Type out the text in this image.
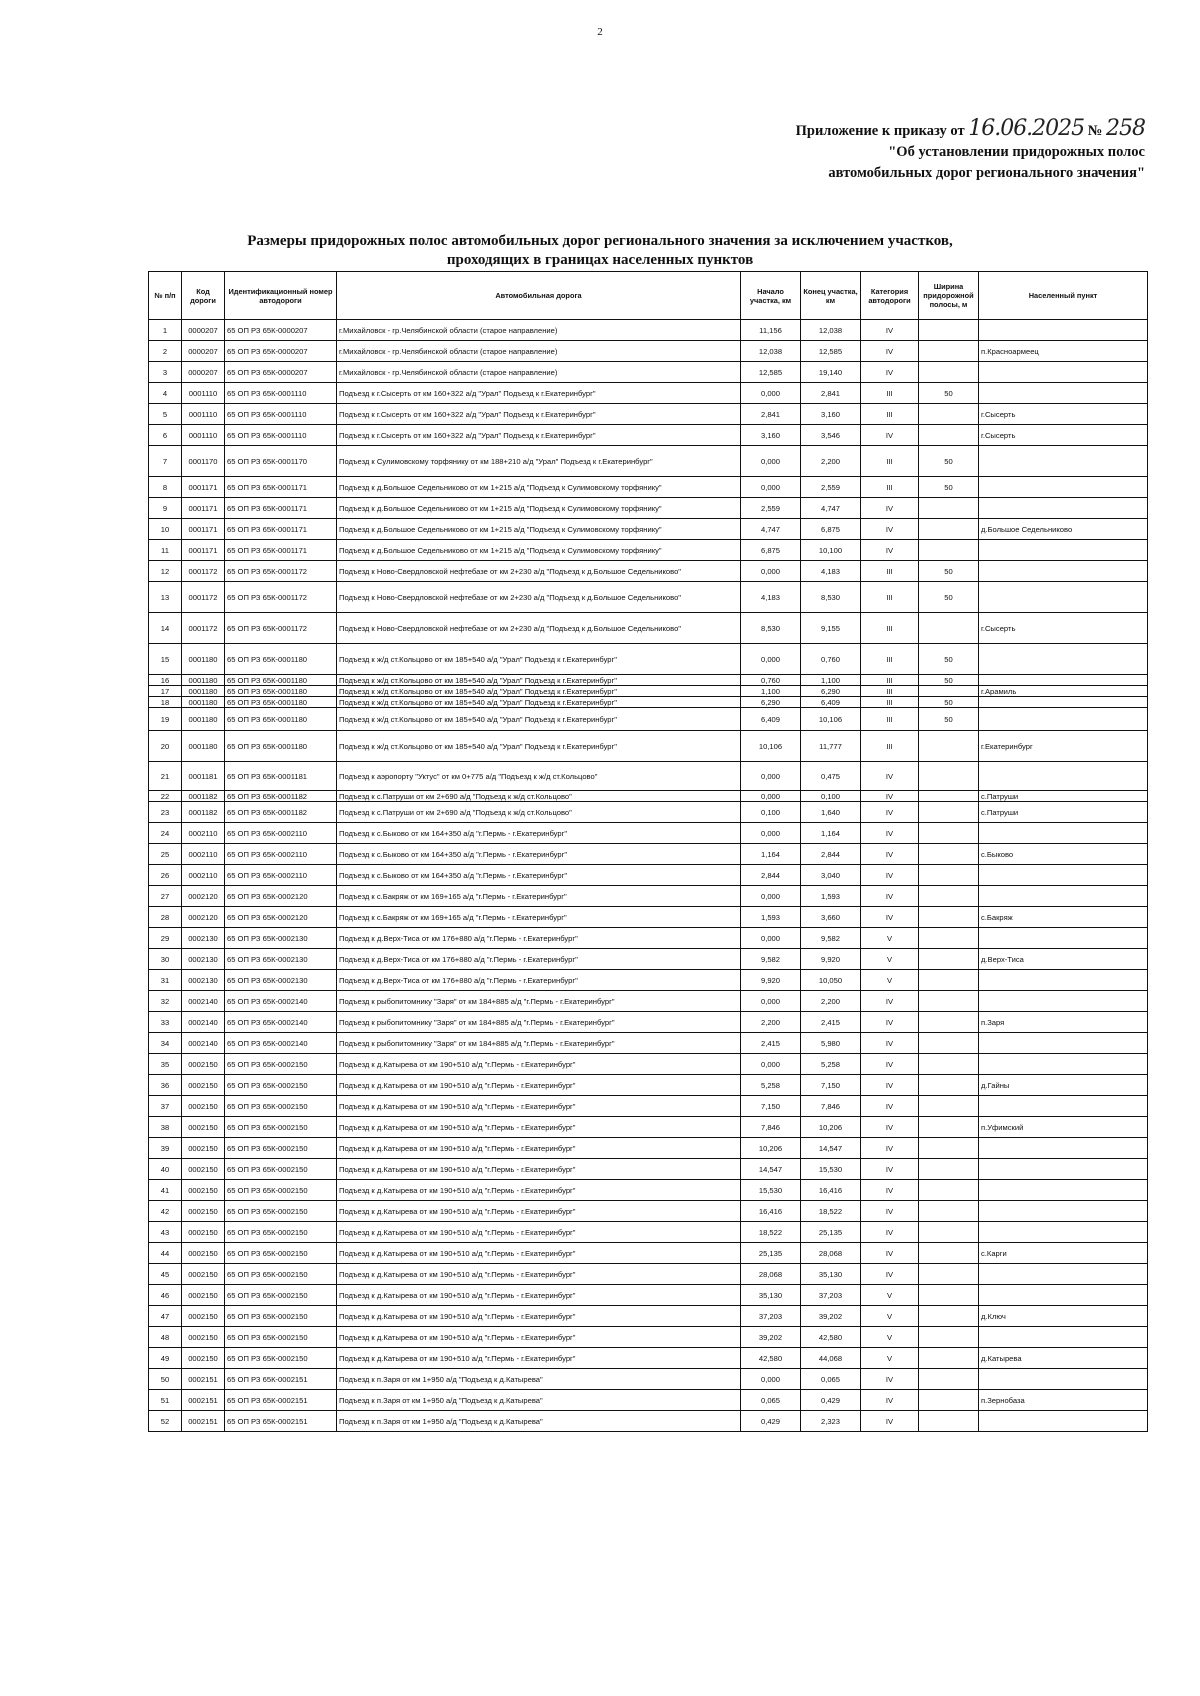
2
Приложение к приказу от 16.06.2025 № 258
"Об установлении придорожных полос
автомобильных дорог регионального значения"
Размеры придорожных полос автомобильных дорог регионального значения за исключением участков,
проходящих в границах населенных пунктов
№ п/п	Код дороги	Идентификационный номер автодороги	Автомобильная дорога	Начало участка, км	Конец участка, км	Категория автодороги	Ширина придорожной полосы, м	Населенный пункт
1	0000207	65 ОП РЗ 65К-0000207	г.Михайловск - гр.Челябинской области (старое направление)	11,156	12,038	IV		
2	0000207	65 ОП РЗ 65К-0000207	г.Михайловск - гр.Челябинской области (старое направление)	12,038	12,585	IV		п.Красноармеец
3	0000207	65 ОП РЗ 65К-0000207	г.Михайловск - гр.Челябинской области (старое направление)	12,585	19,140	IV		
4	0001110	65 ОП РЗ 65К-0001110	Подъезд к г.Сысерть от км 160+322 а/д "Урал" Подъезд к г.Екатеринбург"	0,000	2,841	III	50	
5	0001110	65 ОП РЗ 65К-0001110	Подъезд к г.Сысерть от км 160+322 а/д "Урал" Подъезд к г.Екатеринбург"	2,841	3,160	III		г.Сысерть
6	0001110	65 ОП РЗ 65К-0001110	Подъезд к г.Сысерть от км 160+322 а/д "Урал" Подъезд к г.Екатеринбург"	3,160	3,546	IV		г.Сысерть
7	0001170	65 ОП РЗ 65К-0001170	Подъезд к Сулимовскому торфянику от км 188+210 а/д "Урал" Подъезд к г.Екатеринбург"	0,000	2,200	III	50	
8	0001171	65 ОП РЗ 65К-0001171	Подъезд к д.Большое Седельниково от км 1+215 а/д "Подъезд к Сулимовскому торфянику"	0,000	2,559	III	50	
9	0001171	65 ОП РЗ 65К-0001171	Подъезд к д.Большое Седельниково от км 1+215 а/д "Подъезд к Сулимовскому торфянику"	2,559	4,747	IV		
10	0001171	65 ОП РЗ 65К-0001171	Подъезд к д.Большое Седельниково от км 1+215 а/д "Подъезд к Сулимовскому торфянику"	4,747	6,875	IV		д.Большое Седельниково
11	0001171	65 ОП РЗ 65К-0001171	Подъезд к д.Большое Седельниково от км 1+215 а/д "Подъезд к Сулимовскому торфянику"	6,875	10,100	IV		
12	0001172	65 ОП РЗ 65К-0001172	Подъезд к Ново-Свердловской нефтебазе от км 2+230 а/д "Подъезд к д.Большое Седельниково"	0,000	4,183	III	50	
13	0001172	65 ОП РЗ 65К-0001172	Подъезд к Ново-Свердловской нефтебазе от км 2+230 а/д "Подъезд к д.Большое Седельниково"	4,183	8,530	III	50	
14	0001172	65 ОП РЗ 65К-0001172	Подъезд к Ново-Свердловской нефтебазе от км 2+230 а/д "Подъезд к д.Большое Седельниково"	8,530	9,155	III		г.Сысерть
15	0001180	65 ОП РЗ 65К-0001180	Подъезд к ж/д ст.Кольцово от км 185+540 а/д "Урал" Подъезд к г.Екатеринбург"	0,000	0,760	III	50	
16	0001180	65 ОП РЗ 65К-0001180	Подъезд к ж/д ст.Кольцово от км 185+540 а/д "Урал" Подъезд к г.Екатеринбург"	0,760	1,100	III	50	
17	0001180	65 ОП РЗ 65К-0001180	Подъезд к ж/д ст.Кольцово от км 185+540 а/д "Урал" Подъезд к г.Екатеринбург"	1,100	6,290	III		г.Арамиль
18	0001180	65 ОП РЗ 65К-0001180	Подъезд к ж/д ст.Кольцово от км 185+540 а/д "Урал" Подъезд к г.Екатеринбург"	6,290	6,409	III	50	
19	0001180	65 ОП РЗ 65К-0001180	Подъезд к ж/д ст.Кольцово от км 185+540 а/д "Урал" Подъезд к г.Екатеринбург"	6,409	10,106	III	50	
20	0001180	65 ОП РЗ 65К-0001180	Подъезд к ж/д ст.Кольцово от км 185+540 а/д "Урал" Подъезд к г.Екатеринбург"	10,106	11,777	III		г.Екатеринбург
21	0001181	65 ОП РЗ 65К-0001181	Подъезд к аэропорту "Уктус" от км 0+775 а/д "Подъезд к ж/д ст.Кольцово"	0,000	0,475	IV		
22	0001182	65 ОП РЗ 65К-0001182	Подъезд к с.Патруши от км 2+690 а/д "Подъезд к ж/д ст.Кольцово"	0,000	0,100	IV		с.Патруши
23	0001182	65 ОП РЗ 65К-0001182	Подъезд к с.Патруши от км 2+690 а/д "Подъезд к ж/д ст.Кольцово"	0,100	1,640	IV		с.Патруши
24	0002110	65 ОП РЗ 65К-0002110	Подъезд к с.Быково от км 164+350 а/д "г.Пермь - г.Екатеринбург"	0,000	1,164	IV		
25	0002110	65 ОП РЗ 65К-0002110	Подъезд к с.Быково от км 164+350 а/д "г.Пермь - г.Екатеринбург"	1,164	2,844	IV		с.Быково
26	0002110	65 ОП РЗ 65К-0002110	Подъезд к с.Быково от км 164+350 а/д "г.Пермь - г.Екатеринбург"	2,844	3,040	IV		
27	0002120	65 ОП РЗ 65К-0002120	Подъезд к с.Бакряж от км 169+165 а/д "г.Пермь - г.Екатеринбург"	0,000	1,593	IV		
28	0002120	65 ОП РЗ 65К-0002120	Подъезд к с.Бакряж от км 169+165 а/д "г.Пермь - г.Екатеринбург"	1,593	3,660	IV		с.Бакряж
29	0002130	65 ОП РЗ 65К-0002130	Подъезд к д.Верх-Тиса от км 176+880 а/д "г.Пермь - г.Екатеринбург"	0,000	9,582	V		
30	0002130	65 ОП РЗ 65К-0002130	Подъезд к д.Верх-Тиса от км 176+880 а/д "г.Пермь - г.Екатеринбург"	9,582	9,920	V		д.Верх-Тиса
31	0002130	65 ОП РЗ 65К-0002130	Подъезд к д.Верх-Тиса от км 176+880 а/д "г.Пермь - г.Екатеринбург"	9,920	10,050	V		
32	0002140	65 ОП РЗ 65К-0002140	Подъезд к рыбопитомнику "Заря" от км 184+885 а/д "г.Пермь - г.Екатеринбург"	0,000	2,200	IV		
33	0002140	65 ОП РЗ 65К-0002140	Подъезд к рыбопитомнику "Заря" от км 184+885 а/д "г.Пермь - г.Екатеринбург"	2,200	2,415	IV		п.Заря
34	0002140	65 ОП РЗ 65К-0002140	Подъезд к рыбопитомнику "Заря" от км 184+885 а/д "г.Пермь - г.Екатеринбург"	2,415	5,980	IV		
35	0002150	65 ОП РЗ 65К-0002150	Подъезд к д.Катырева от км 190+510 а/д "г.Пермь - г.Екатеринбург"	0,000	5,258	IV		
36	0002150	65 ОП РЗ 65К-0002150	Подъезд к д.Катырева от км 190+510 а/д "г.Пермь - г.Екатеринбург"	5,258	7,150	IV		д.Гайны
37	0002150	65 ОП РЗ 65К-0002150	Подъезд к д.Катырева от км 190+510 а/д "г.Пермь - г.Екатеринбург"	7,150	7,846	IV		
38	0002150	65 ОП РЗ 65К-0002150	Подъезд к д.Катырева от км 190+510 а/д "г.Пермь - г.Екатеринбург"	7,846	10,206	IV		п.Уфимский
39	0002150	65 ОП РЗ 65К-0002150	Подъезд к д.Катырева от км 190+510 а/д "г.Пермь - г.Екатеринбург"	10,206	14,547	IV		
40	0002150	65 ОП РЗ 65К-0002150	Подъезд к д.Катырева от км 190+510 а/д "г.Пермь - г.Екатеринбург"	14,547	15,530	IV		
41	0002150	65 ОП РЗ 65К-0002150	Подъезд к д.Катырева от км 190+510 а/д "г.Пермь - г.Екатеринбург"	15,530	16,416	IV		
42	0002150	65 ОП РЗ 65К-0002150	Подъезд к д.Катырева от км 190+510 а/д "г.Пермь - г.Екатеринбург"	16,416	18,522	IV		
43	0002150	65 ОП РЗ 65К-0002150	Подъезд к д.Катырева от км 190+510 а/д "г.Пермь - г.Екатеринбург"	18,522	25,135	IV		
44	0002150	65 ОП РЗ 65К-0002150	Подъезд к д.Катырева от км 190+510 а/д "г.Пермь - г.Екатеринбург"	25,135	28,068	IV		с.Карги
45	0002150	65 ОП РЗ 65К-0002150	Подъезд к д.Катырева от км 190+510 а/д "г.Пермь - г.Екатеринбург"	28,068	35,130	IV		
46	0002150	65 ОП РЗ 65К-0002150	Подъезд к д.Катырева от км 190+510 а/д "г.Пермь - г.Екатеринбург"	35,130	37,203	V		
47	0002150	65 ОП РЗ 65К-0002150	Подъезд к д.Катырева от км 190+510 а/д "г.Пермь - г.Екатеринбург"	37,203	39,202	V		д.Ключ
48	0002150	65 ОП РЗ 65К-0002150	Подъезд к д.Катырева от км 190+510 а/д "г.Пермь - г.Екатеринбург"	39,202	42,580	V		
49	0002150	65 ОП РЗ 65К-0002150	Подъезд к д.Катырева от км 190+510 а/д "г.Пермь - г.Екатеринбург"	42,580	44,068	V		д.Катырева
50	0002151	65 ОП РЗ 65К-0002151	Подъезд к п.Заря от км 1+950 а/д "Подъезд к д.Катырева"	0,000	0,065	IV		
51	0002151	65 ОП РЗ 65К-0002151	Подъезд к п.Заря от км 1+950 а/д "Подъезд к д.Катырева"	0,065	0,429	IV		п.Зернобаза
52	0002151	65 ОП РЗ 65К-0002151	Подъезд к п.Заря от км 1+950 а/д "Подъезд к д.Катырева"	0,429	2,323	IV		
